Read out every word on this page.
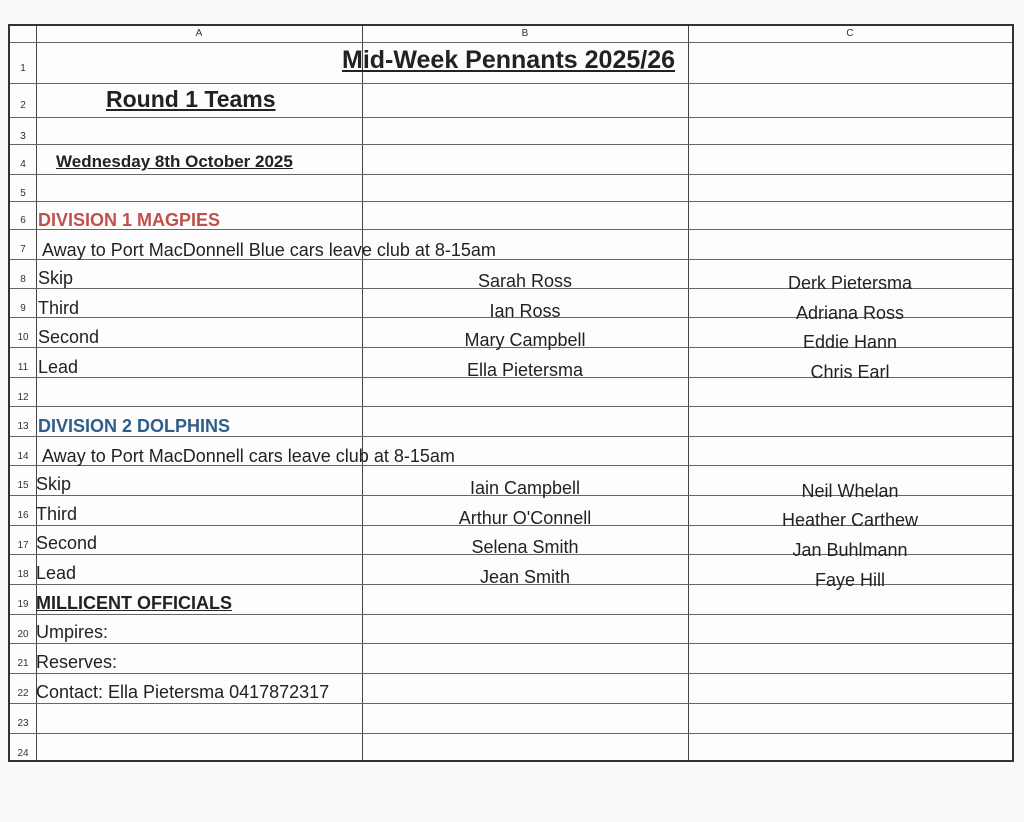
A	B	C
1
2
3
4
5
6
7
8
9
10
11
12
13
14
15
16
17
18
19
20
21
22
23
24
Mid-Week Pennants 2025/26
Round 1 Teams
Wednesday 8th October 2025
DIVISION 1 MAGPIES
Away to Port MacDonnell Blue cars leave club at 8-15am
Skip
Third
Second
Lead
Sarah Ross
Ian Ross
Mary Campbell
Ella Pietersma
Derk Pietersma
Adriana Ross
Eddie Hann
Chris Earl
DIVISION 2 DOLPHINS
Away to Port MacDonnell cars leave club at 8-15am
Skip
Third
Second
Lead
Iain Campbell
Arthur O'Connell
Selena Smith
Jean Smith
Neil Whelan
Heather Carthew
Jan Buhlmann
Faye Hill
MILLICENT OFFICIALS
Umpires:
Reserves:
Contact: Ella Pietersma 0417872317
